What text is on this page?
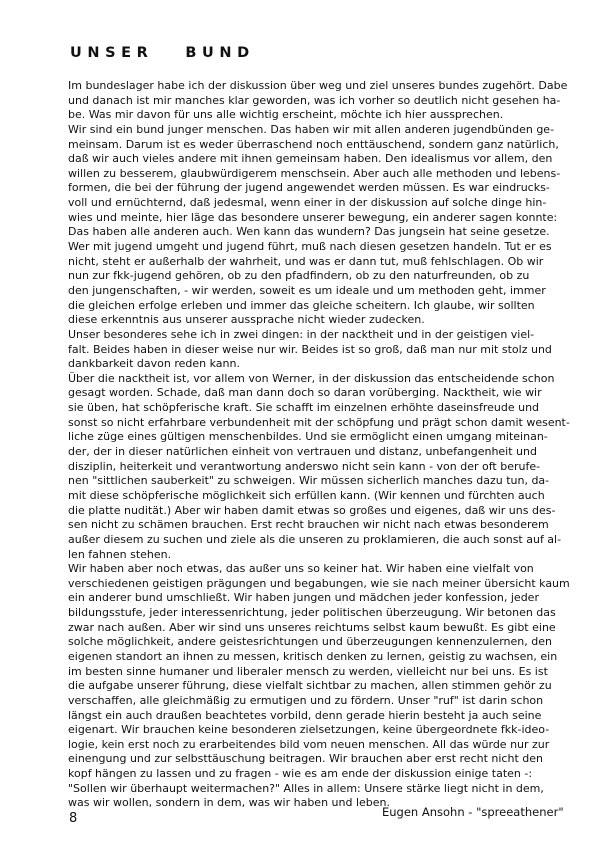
UNSER   BUND
Im bundeslager habe ich der diskussion über weg und ziel unseres bundes zugehört. Dabe
und danach ist mir manches klar geworden, was ich vorher so deutlich nicht gesehen ha-
be. Was mir davon für uns alle wichtig erscheint, möchte ich hier aussprechen.
Wir sind ein bund junger menschen. Das haben wir mit allen anderen jugendbünden ge-
meinsam. Darum ist es weder überraschend noch enttäuschend, sondern ganz natürlich,
daß wir auch vieles andere mit ihnen gemeinsam haben. Den idealismus vor allem, den
willen zu besserem, glaubwürdigerem menschsein. Aber auch alle methoden und lebens-
formen, die bei der führung der jugend angewendet werden müssen. Es war eindrucks-
voll und ernüchternd, daß jedesmal, wenn einer in der diskussion auf solche dinge hin-
wies und meinte, hier läge das besondere unserer bewegung, ein anderer sagen konnte:
Das haben alle anderen auch. Wen kann das wundern? Das jungsein hat seine gesetze.
Wer mit jugend umgeht und jugend führt, muß nach diesen gesetzen handeln. Tut er es
nicht, steht er außerhalb der wahrheit, und was er dann tut, muß fehlschlagen. Ob wir
nun zur fkk-jugend gehören, ob zu den pfadfindern, ob zu den naturfreunden, ob zu
den jungenschaften, - wir werden, soweit es um ideale und um methoden geht, immer
die gleichen erfolge erleben und immer das gleiche scheitern. Ich glaube, wir sollten
diese erkenntnis aus unserer aussprache nicht wieder zudecken.
Unser besonderes sehe ich in zwei dingen: in der nacktheit und in der geistigen viel-
falt. Beides haben in dieser weise nur wir. Beides ist so groß, daß man nur mit stolz und
dankbarkeit davon reden kann.
Über die nacktheit ist, vor allem von Werner, in der diskussion das entscheidende schon
gesagt worden. Schade, daß man dann doch so daran vorüberging. Nacktheit, wie wir
sie üben, hat schöpferische kraft. Sie schafft im einzelnen erhöhte daseinsfreude und
sonst so nicht erfahrbare verbundenheit mit der schöpfung und prägt schon damit wesent-
liche züge eines gültigen menschenbildes. Und sie ermöglicht einen umgang miteinan-
der, der in dieser natürlichen einheit von vertrauen und distanz, unbefangenheit und
disziplin, heiterkeit und verantwortung anderswo nicht sein kann - von der oft berufe-
nen "sittlichen sauberkeit" zu schweigen. Wir müssen sicherlich manches dazu tun, da-
mit diese schöpferische möglichkeit sich erfüllen kann. (Wir kennen und fürchten auch
die platte nudität.) Aber wir haben damit etwas so großes und eigenes, daß wir uns des-
sen nicht zu schämen brauchen. Erst recht brauchen wir nicht nach etwas besonderem
außer diesem zu suchen und ziele als die unseren zu proklamieren, die auch sonst auf al-
len fahnen stehen.
Wir haben aber noch etwas, das außer uns so keiner hat. Wir haben eine vielfalt von
verschiedenen geistigen prägungen und begabungen, wie sie nach meiner übersicht kaum
ein anderer bund umschließt. Wir haben jungen und mädchen jeder konfession, jeder
bildungsstufe, jeder interessenrichtung, jeder politischen überzeugung. Wir betonen das
zwar nach außen. Aber wir sind uns unseres reichtums selbst kaum bewußt. Es gibt eine
solche möglichkeit, andere geistesrichtungen und überzeugungen kennenzulernen, den
eigenen standort an ihnen zu messen, kritisch denken zu lernen, geistig zu wachsen, ein
im besten sinne humaner und liberaler mensch zu werden, vielleicht nur bei uns. Es ist
die aufgabe unserer führung, diese vielfalt sichtbar zu machen, allen stimmen gehör zu
verschaffen, alle gleichmäßig zu ermutigen und zu fördern. Unser "ruf" ist darin schon
längst ein auch draußen beachtetes vorbild, denn gerade hierin besteht ja auch seine
eigenart. Wir brauchen keine besonderen zielsetzungen, keine übergeordnete fkk-ideo-
logie, kein erst noch zu erarbeitendes bild vom neuen menschen. All das würde nur zur
einengung und zur selbsttäuschung beitragen. Wir brauchen aber erst recht nicht den
kopf hängen zu lassen und zu fragen - wie es am ende der diskussion einige taten -:
"Sollen wir überhaupt weitermachen?" Alles in allem: Unsere stärke liegt nicht in dem,
was wir wollen, sondern in dem, was wir haben und leben.
Eugen Ansohn - "spreeathener"
8
